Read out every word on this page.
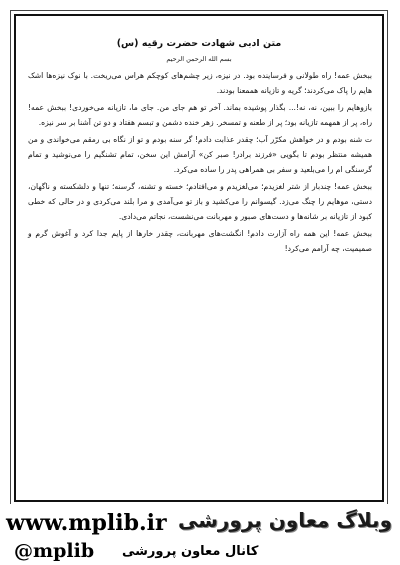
متن ادبی شهادت حضرت رقیه (س)
بسم الله الرحمن الرحیم

ببخش عمه! راه طولانی و فرساینده بود. در نیزه، زیر چشم‌های کوچکم هراس می‌ریخت. با نوک نیزه‌ها اشک هایم را پاک می‌کردند؛ گریه و تازیانه هممعنا بودند.

بازوهایم را ببین، نه، نه!... بگذار پوشیده بماند. آخر تو هم جای من. جای ما، تازیانه می‌خوردی! ببخش عمه! راه، پر از همهمه تازیانه بود؛ پر از طعنه و تمسخر. زهر خنده دشمن و تبسم هفتاد و دو تن آشنا بر سر نیزه.

ت شنه بودم و در خواهش مکرّر آب؛ چقدر عذابت دادم! گر سنه بودم و تو از نگاه بی رمقم می‌خواندی و من همیشه منتظر بودم تا بگویی «فرزند برادر! صبر کن» آرامش این سخن، تمام تشنگیم را می‌نوشید و تمام گرسنگی ام را می‌بلعید و سفر بی همراهی پدر را ساده می‌کرد.

ببخش عمه! چندبار از شتر لغزیدم؛ می‌لغزیدم و می‌افتادم؛ خسته و تشنه، گرسنه؛ تنها و دلشکسته و ناگهان، دستی، موهایم را چنگ می‌زد. گیسوانم را می‌کشید و باز تو می‌آمدی و مرا بلند می‌کردی و در حالی که خطی کبود از تازیانه بر شانه‌ها و دست‌های صبور و مهربانت می‌نشست، نجاتم می‌دادی.

ببخش عمه! این همه راه آزارت دادم! انگشت‌های مهربانت، چقدر خارها از پایم جدا کرد و آغوش گرم و صمیمیت، چه آرامم می‌کرد!

www.mplib.ir وبلاگ معاون پرورشی
@mplib کانال معاون پرورشی
